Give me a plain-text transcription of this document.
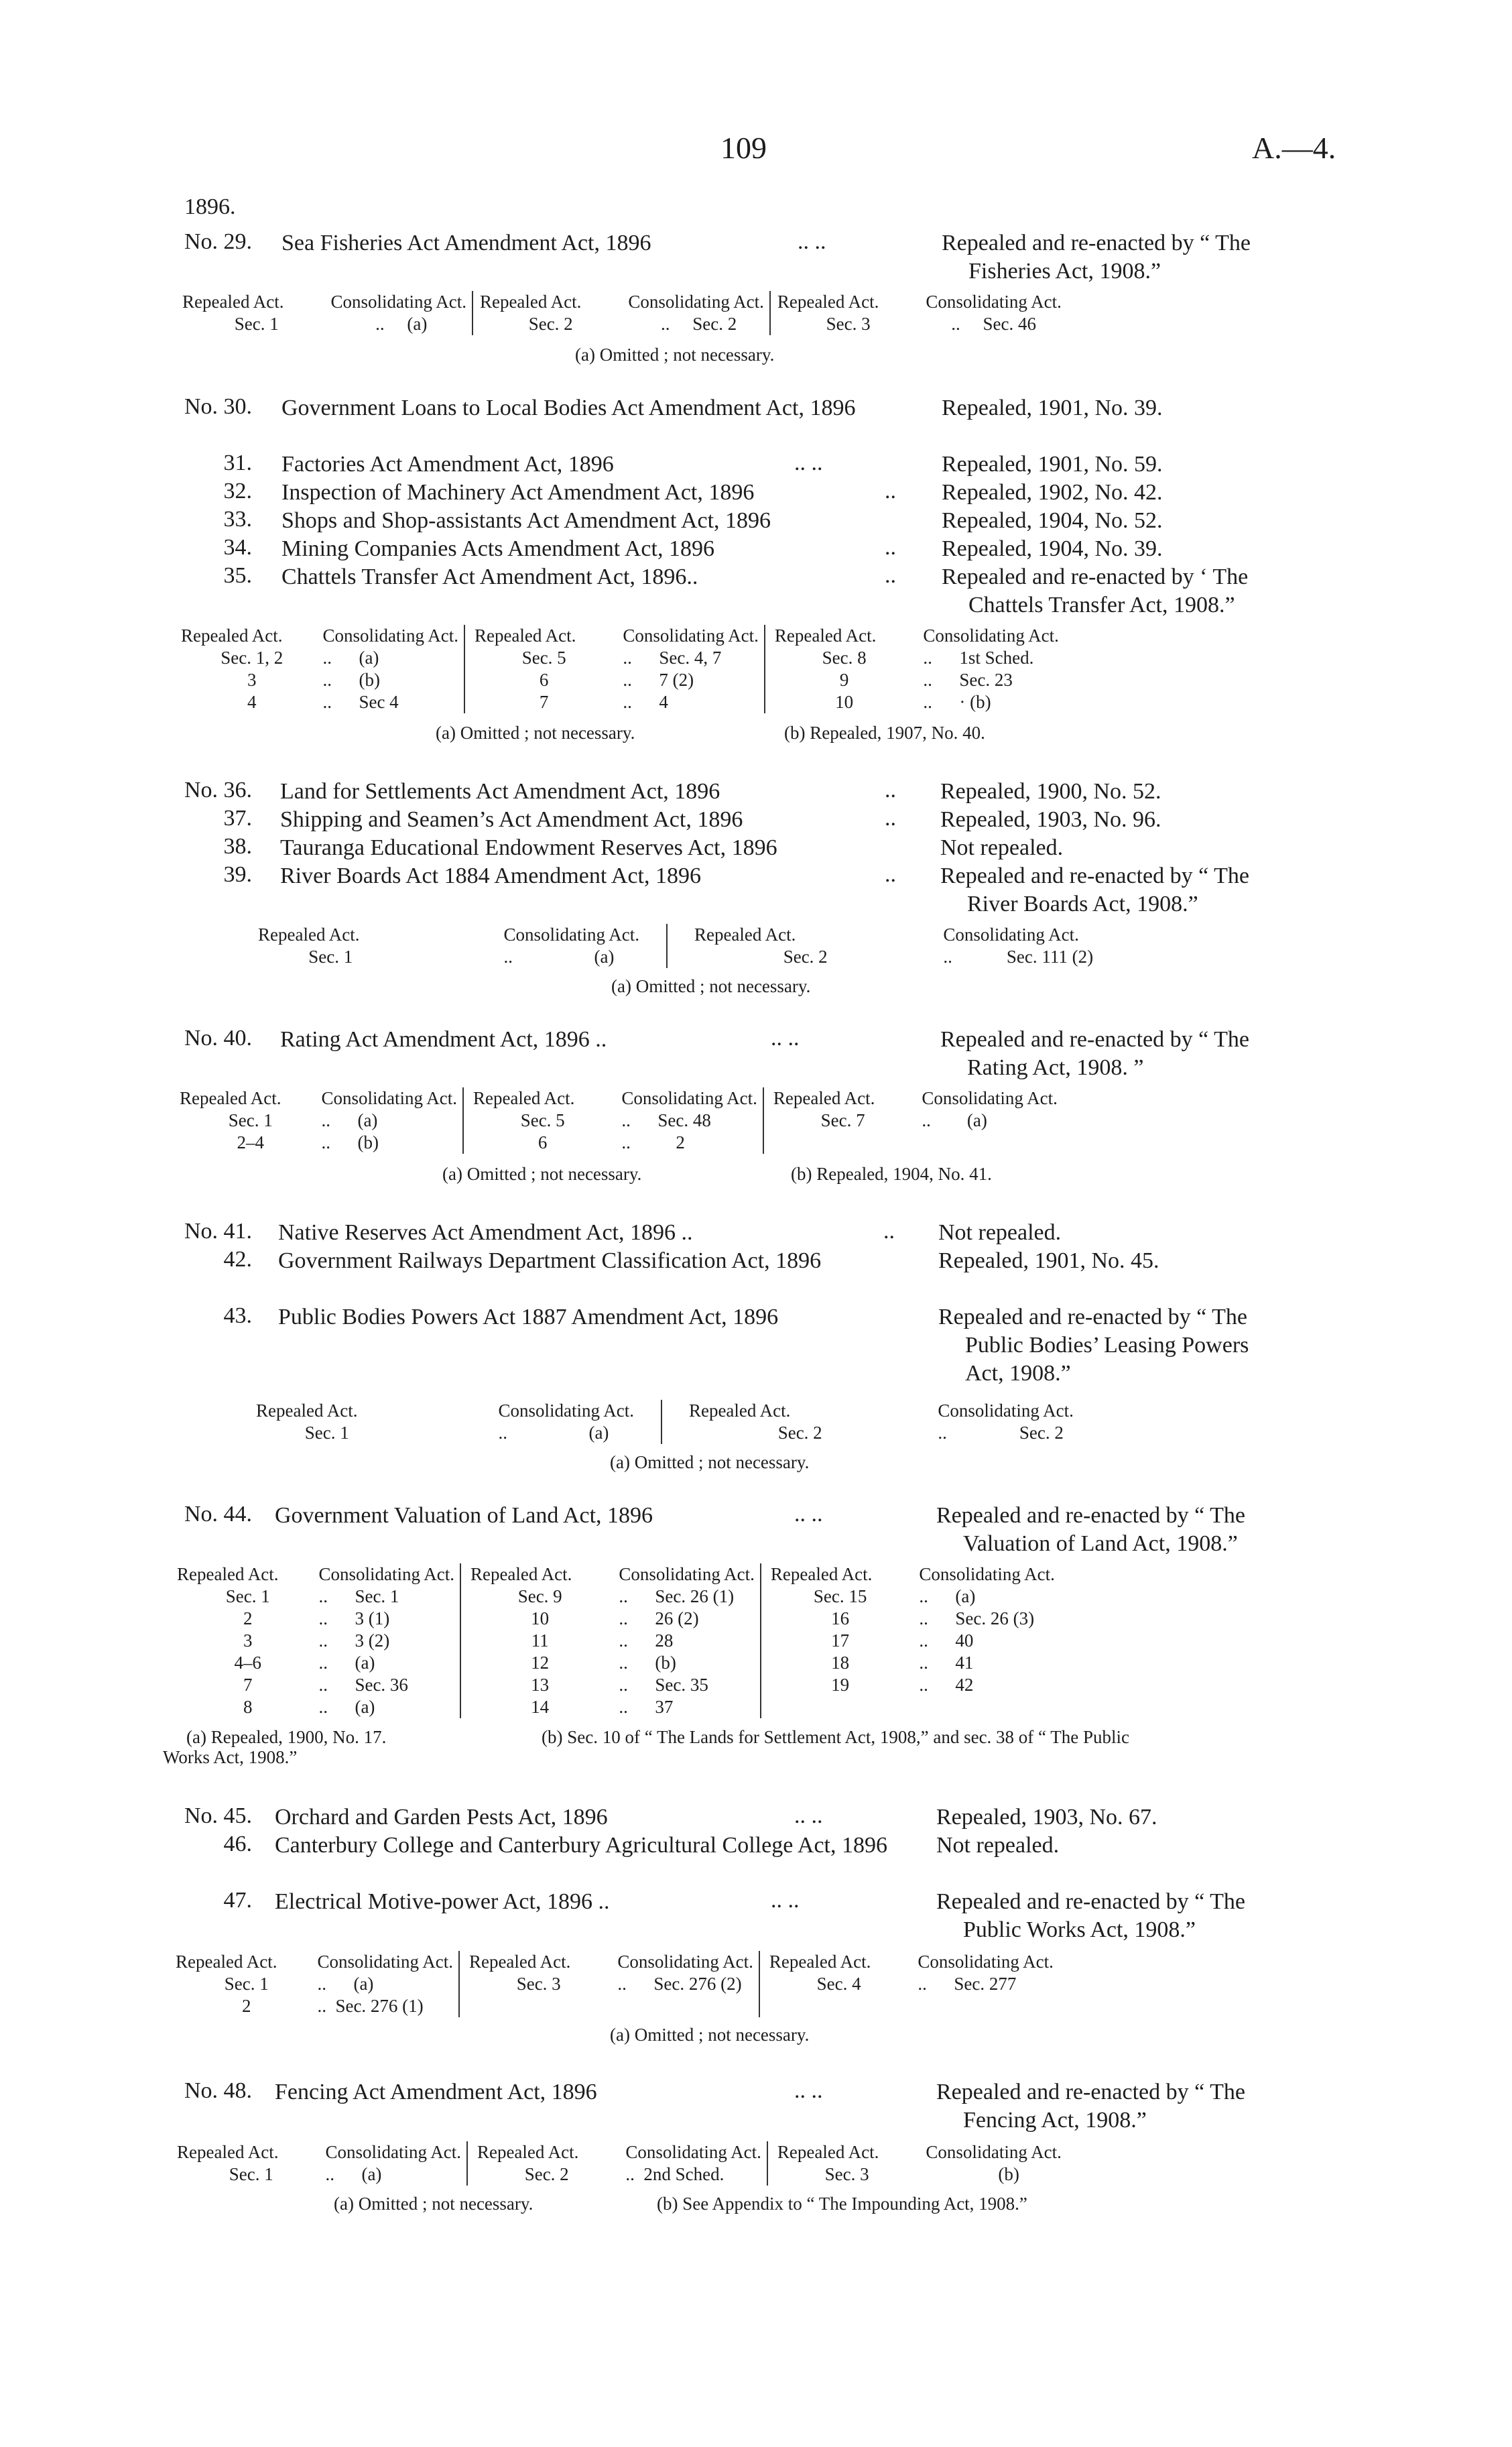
109	A.—4.
1896.
No. 29. Sea Fisheries Act Amendment Act, 1896	.. ..	Repealed and re-enacted by “ The
Fisheries Act, 1908.”
Repealed Act.	Consolidating Act.	Repealed Act.	Consolidating Act.	Repealed Act.	Consolidating Act.
Sec. 1	.. (a)	Sec. 2	.. Sec. 2	Sec. 3	.. Sec. 46
(a) Omitted ; not necessary.
No. 30. Government Loans to Local Bodies Act Amendment Act, 1896	Repealed, 1901, No. 39.
31. Factories Act Amendment Act, 1896	.. ..	Repealed, 1901, No. 59.
32. Inspection of Machinery Act Amendment Act, 1896	.. Repealed, 1902, No. 42.
33. Shops and Shop-assistants Act Amendment Act, 1896	Repealed, 1904, No. 52.
34. Mining Companies Acts Amendment Act, 1896	.. Repealed, 1904, No. 39.
35. Chattels Transfer Act Amendment Act, 1896..	.. Repealed and re-enacted by ‘ The
Chattels Transfer Act, 1908.”
Repealed Act.	Consolidating Act.	Repealed Act.	Consolidating Act.	Repealed Act.	Consolidating Act.
Sec. 1, 2	.. (a)	Sec. 5	.. Sec. 4, 7	Sec. 8	.. 1st Sched.
3	.. (b)	6	.. 7 (2)	9	.. Sec. 23
4	.. Sec 4	7	.. 4	10	.. · (b)
(a) Omitted ; not necessary.	(b) Repealed, 1907, No. 40.
No. 36. Land for Settlements Act Amendment Act, 1896	.. Repealed, 1900, No. 52.
37. Shipping and Seamen’s Act Amendment Act, 1896	.. Repealed, 1903, No. 96.
38. Tauranga Educational Endowment Reserves Act, 1896	Not repealed.
39. River Boards Act 1884 Amendment Act, 1896	.. Repealed and re-enacted by “ The
River Boards Act, 1908.”
Repealed Act.	Consolidating Act.	Repealed Act.	Consolidating Act.
Sec. 1	.. (a)	Sec. 2	.. Sec. 111 (2)
(a) Omitted ; not necessary.
No. 40. Rating Act Amendment Act, 1896 ..	.. ..	Repealed and re-enacted by “ The
Rating Act, 1908. ”
Repealed Act.	Consolidating Act.	Repealed Act.	Consolidating Act.	Repealed Act.	Consolidating Act.
Sec. 1	.. (a)	Sec. 5	.. Sec. 48	Sec. 7	.. (a)
2–4	.. (b)	6	.. 2		
(a) Omitted ; not necessary.	(b) Repealed, 1904, No. 41.
No. 41. Native Reserves Act Amendment Act, 1896 ..	.. Not repealed.
42. Government Railways Department Classification Act, 1896	Repealed, 1901, No. 45.
43. Public Bodies Powers Act 1887 Amendment Act, 1896	Repealed and re-enacted by “ The
Public Bodies’ Leasing Powers
Act, 1908.”
Repealed Act.	Consolidating Act.	Repealed Act.	Consolidating Act.
Sec. 1	.. (a)	Sec. 2	.. Sec. 2
(a) Omitted ; not necessary.
No. 44. Government Valuation of Land Act, 1896	.. ..	Repealed and re-enacted by “ The
Valuation of Land Act, 1908.”
Repealed Act.	Consolidating Act.	Repealed Act.	Consolidating Act.	Repealed Act.	Consolidating Act.
Sec. 1	.. Sec. 1	Sec. 9	.. Sec. 26 (1)	Sec. 15	.. (a)
2	.. 3 (1)	10	.. 26 (2)	16	.. Sec. 26 (3)
3	.. 3 (2)	11	.. 28	17	.. 40
4–6	.. (a)	12	.. (b)	18	.. 41
7	.. Sec. 36	13	.. Sec. 35	19	.. 42
8	.. (a)	14	.. 37		
(a) Repealed, 1900, No. 17.	(b) Sec. 10 of “ The Lands for Settlement Act, 1908,” and sec. 38 of “ The Public
Works Act, 1908.”
No. 45. Orchard and Garden Pests Act, 1896	.. ..	Repealed, 1903, No. 67.
46. Canterbury College and Canterbury Agricultural College Act, 1896	Not repealed.
47. Electrical Motive-power Act, 1896 ..	.. ..	Repealed and re-enacted by “ The
Public Works Act, 1908.”
Repealed Act.	Consolidating Act.	Repealed Act.	Consolidating Act.	Repealed Act.	Consolidating Act.
Sec. 1	.. (a)	Sec. 3	.. Sec. 276 (2)	Sec. 4	.. Sec. 277
2	.. Sec. 276 (1)				
(a) Omitted ; not necessary.
No. 48. Fencing Act Amendment Act, 1896	.. ..	Repealed and re-enacted by “ The
Fencing Act, 1908.”
Repealed Act.	Consolidating Act.	Repealed Act.	Consolidating Act.	Repealed Act.	Consolidating Act.
Sec. 1	.. (a)	Sec. 2	.. 2nd Sched.	Sec. 3	(b)
(a) Omitted ; not necessary.	(b) See Appendix to “ The Impounding Act, 1908.”
